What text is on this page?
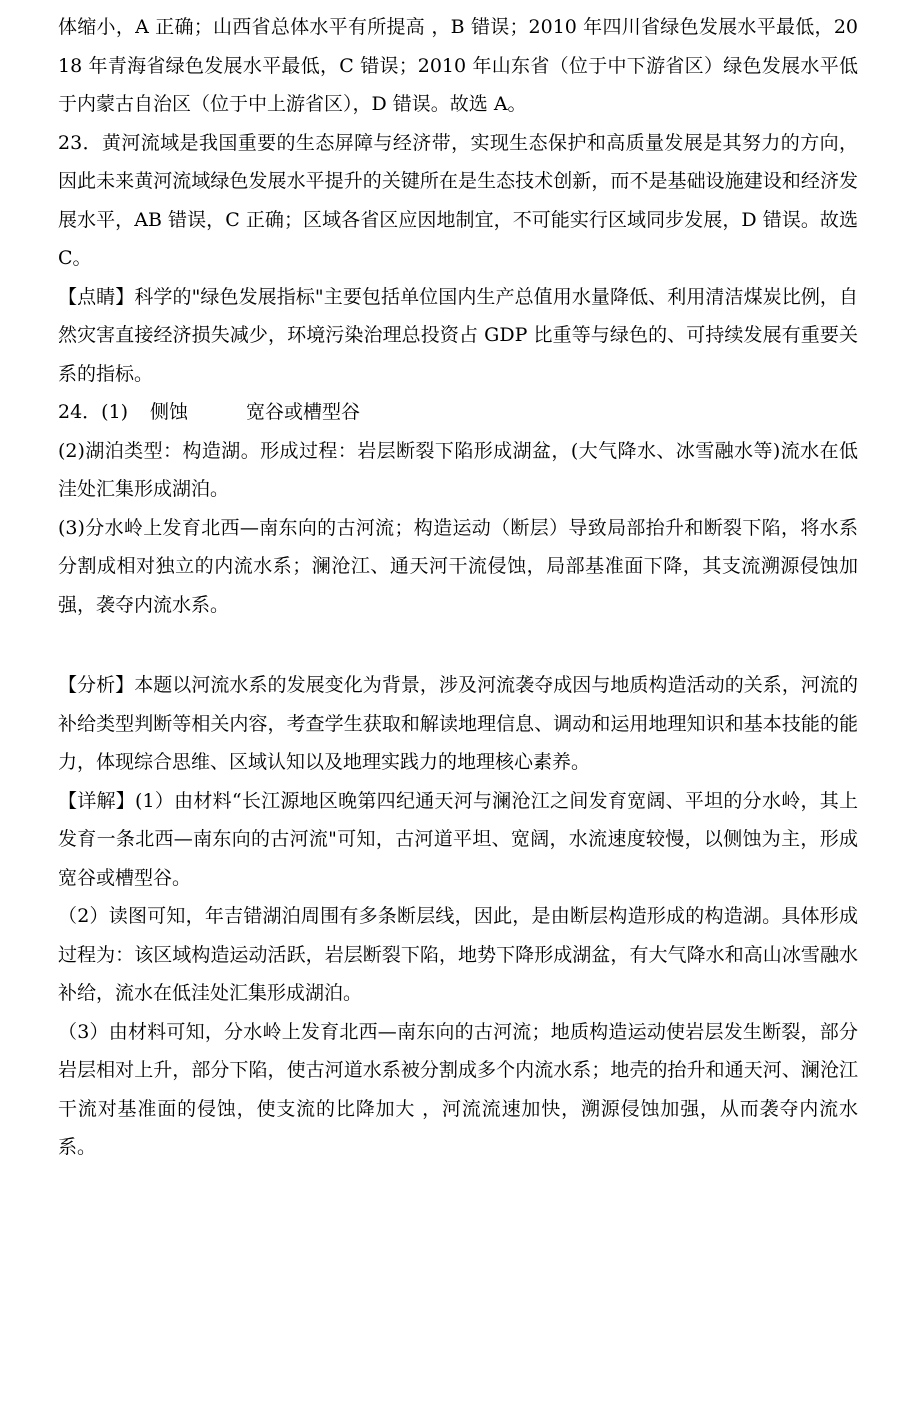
体缩小，A 正确；山西省总体水平有所提高 ，B 错误；2010 年四川省绿色发展水平最低，2018 年青海省绿色发展水平最低，C 错误；2010 年山东省（位于中下游省区）绿色发展水平低于内蒙古自治区（位于中上游省区），D 错误。故选 A。

23．黄河流域是我国重要的生态屏障与经济带，实现生态保护和高质量发展是其努力的方向，因此未来黄河流域绿色发展水平提升的关键所在是生态技术创新，而不是基础设施建设和经济发展水平，AB 错误，C 正确；区域各省区应因地制宜，不可能实行区域同步发展，D 错误。故选 C。

【点睛】科学的"绿色发展指标"主要包括单位国内生产总值用水量降低、利用清洁煤炭比例，自然灾害直接经济损失减少，环境污染治理总投资占 GDP 比重等与绿色的、可持续发展有重要关系的指标。

24．(1) 侧蚀	宽谷或槽型谷

(2)湖泊类型：构造湖。形成过程：岩层断裂下陷形成湖盆，(大气降水、冰雪融水等)流水在低洼处汇集形成湖泊。

(3)分水岭上发育北西—南东向的古河流；构造运动（断层）导致局部抬升和断裂下陷，将水系分割成相对独立的内流水系；澜沧江、通天河干流侵蚀，局部基准面下降，其支流溯源侵蚀加强，袭夺内流水系。

【分析】本题以河流水系的发展变化为背景，涉及河流袭夺成因与地质构造活动的关系，河流的补给类型判断等相关内容，考查学生获取和解读地理信息、调动和运用地理知识和基本技能的能力，体现综合思维、区域认知以及地理实践力的地理核心素养。

【详解】(1）由材料“长江源地区晚第四纪通天河与澜沧江之间发育宽阔、平坦的分水岭，其上发育一条北西—南东向的古河流"可知，古河道平坦、宽阔，水流速度较慢，以侧蚀为主，形成宽谷或槽型谷。

（2）读图可知，年吉错湖泊周围有多条断层线，因此，是由断层构造形成的构造湖。具体形成过程为：该区域构造运动活跃，岩层断裂下陷，地势下降形成湖盆，有大气降水和高山冰雪融水补给，流水在低洼处汇集形成湖泊。

（3）由材料可知，分水岭上发育北西—南东向的古河流；地质构造运动使岩层发生断裂，部分岩层相对上升，部分下陷，使古河道水系被分割成多个内流水系；地壳的抬升和通天河、澜沧江干流对基准面的侵蚀，使支流的比降加大 ，河流流速加快，溯源侵蚀加强，从而袭夺内流水系。
